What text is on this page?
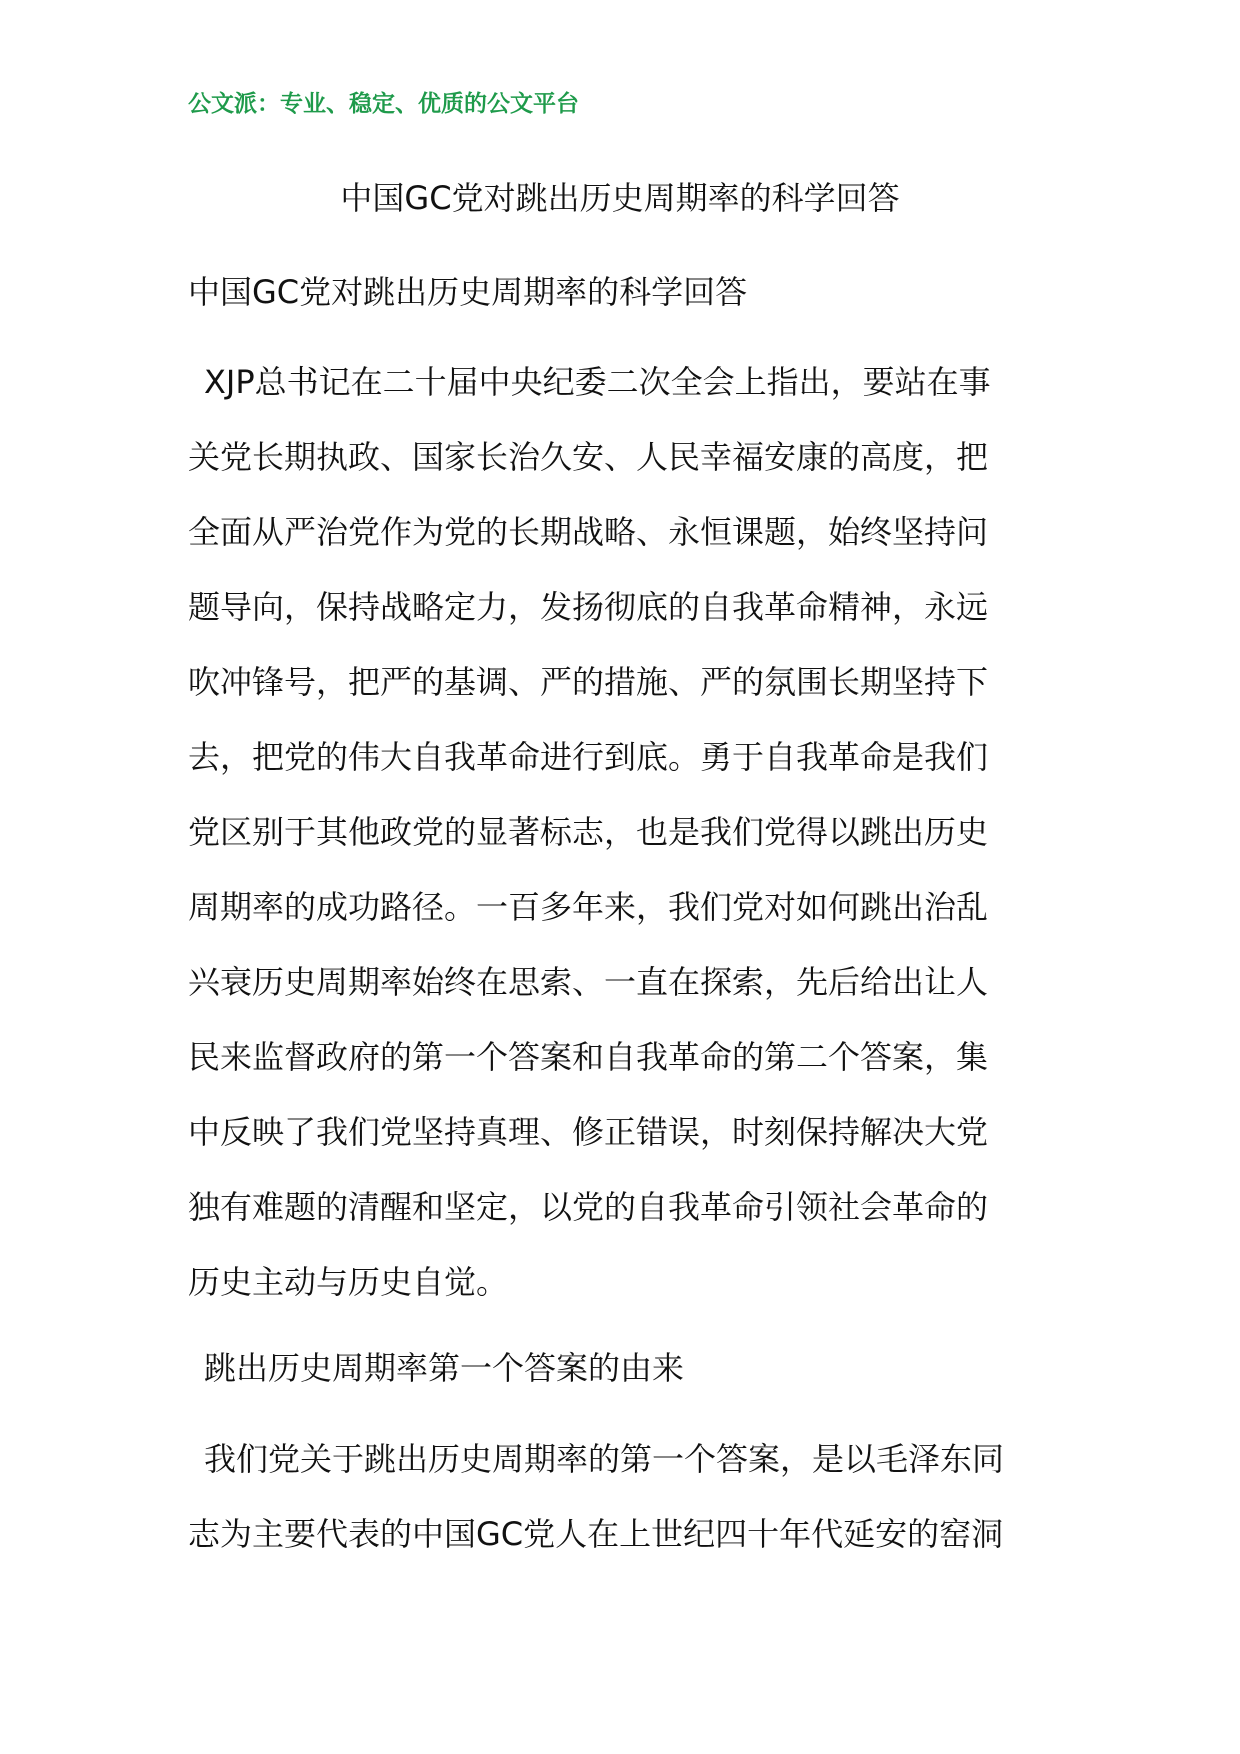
公文派：专业、稳定、优质的公文平台
中国GC党对跳出历史周期率的科学回答
中国GC党对跳出历史周期率的科学回答
XJP总书记在二十届中央纪委二次全会上指出，要站在事
关党长期执政、国家长治久安、人民幸福安康的高度，把
全面从严治党作为党的长期战略、永恒课题，始终坚持问
题导向，保持战略定力，发扬彻底的自我革命精神，永远
吹冲锋号，把严的基调、严的措施、严的氛围长期坚持下
去，把党的伟大自我革命进行到底。勇于自我革命是我们
党区别于其他政党的显著标志，也是我们党得以跳出历史
周期率的成功路径。一百多年来，我们党对如何跳出治乱
兴衰历史周期率始终在思索、一直在探索，先后给出让人
民来监督政府的第一个答案和自我革命的第二个答案，集
中反映了我们党坚持真理、修正错误，时刻保持解决大党
独有难题的清醒和坚定，以党的自我革命引领社会革命的
历史主动与历史自觉。
跳出历史周期率第一个答案的由来
我们党关于跳出历史周期率的第一个答案，是以毛泽东同
志为主要代表的中国GC党人在上世纪四十年代延安的窑洞
